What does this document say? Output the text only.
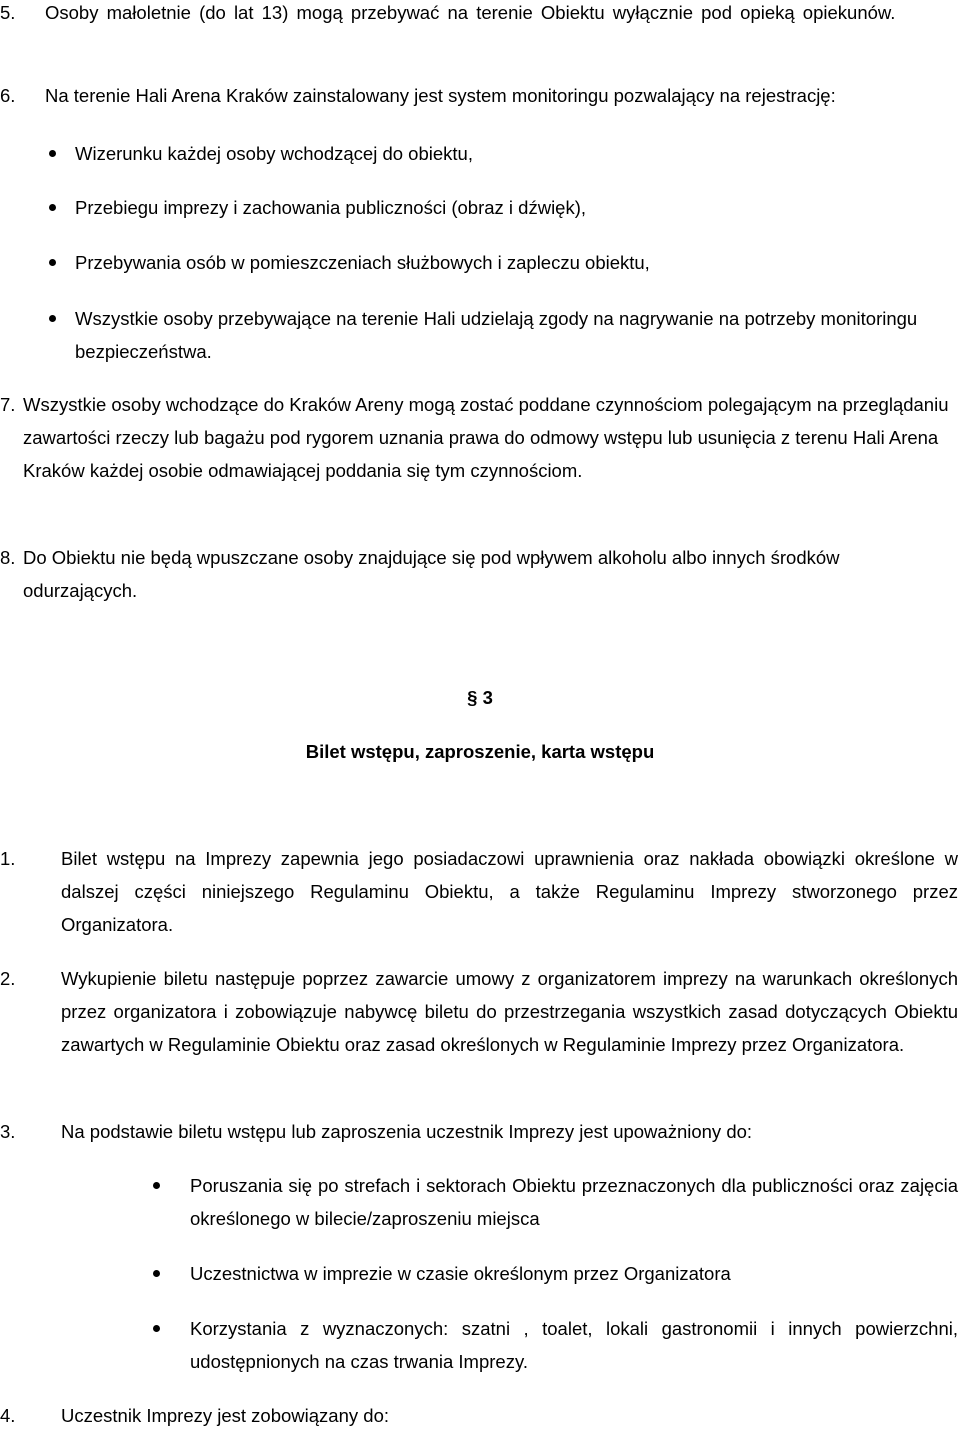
5. Osoby małoletnie (do lat 13) mogą przebywać na terenie Obiektu wyłącznie pod opieką opiekunów.
6. Na terenie Hali Arena Kraków zainstalowany jest system monitoringu pozwalający na rejestrację:
Wizerunku każdej osoby wchodzącej do obiektu,
Przebiegu imprezy i zachowania publiczności (obraz i dźwięk),
Przebywania osób w pomieszczeniach służbowych i zapleczu obiektu,
Wszystkie osoby przebywające na terenie Hali udzielają zgody na nagrywanie na potrzeby monitoringu bezpieczeństwa.
7. Wszystkie osoby wchodzące do Kraków Areny mogą zostać poddane czynnościom polegającym na przeglądaniu zawartości rzeczy lub bagażu pod rygorem uznania prawa do odmowy wstępu lub usunięcia z terenu Hali Arena Kraków każdej osobie odmawiającej poddania się tym czynnościom.
8. Do Obiektu nie będą wpuszczane osoby znajdujące się pod wpływem alkoholu albo innych środków odurzających.
§ 3
Bilet wstępu, zaproszenie, karta wstępu
1. Bilet wstępu na Imprezy zapewnia jego posiadaczowi uprawnienia oraz nakłada obowiązki określone w dalszej części niniejszego Regulaminu Obiektu, a także Regulaminu Imprezy stworzonego przez Organizatora.
2. Wykupienie biletu następuje poprzez zawarcie umowy z organizatorem imprezy na warunkach określonych przez organizatora i zobowiązuje nabywcę biletu do przestrzegania wszystkich zasad dotyczących Obiektu zawartych w Regulaminie Obiektu oraz zasad określonych w Regulaminie Imprezy przez Organizatora.
3. Na podstawie biletu wstępu lub zaproszenia uczestnik Imprezy jest upoważniony do:
Poruszania się po strefach i sektorach Obiektu przeznaczonych dla publiczności oraz zajęcia określonego w bilecie/zaproszeniu miejsca
Uczestnictwa w imprezie w czasie określonym przez Organizatora
Korzystania z wyznaczonych: szatni , toalet, lokali gastronomii i innych powierzchni, udostępnionych na czas trwania Imprezy.
4. Uczestnik Imprezy jest zobowiązany do:
